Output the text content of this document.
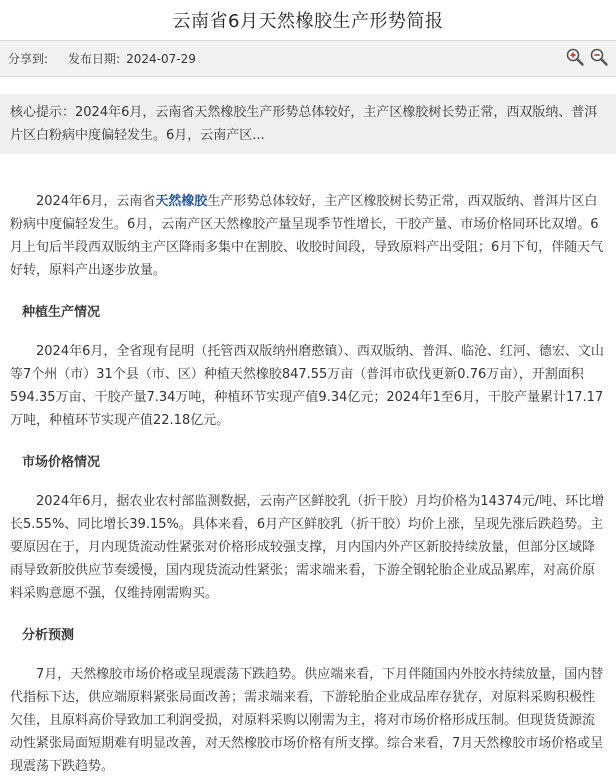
云南省6月天然橡胶生产形势简报
分享到: 发布日期: 2024-07-29
核心提示：2024年6月，云南省天然橡胶生产形势总体较好，主产区橡胶树长势正常，西双版纳、普洱片区白粉病中度偏轻发生。6月，云南产区...

2024年6月，云南省天然橡胶生产形势总体较好，主产区橡胶树长势正常，西双版纳、普洱片区白粉病中度偏轻发生。6月，云南产区天然橡胶产量呈现季节性增长，干胶产量、市场价格同环比双增。6月上旬后半段西双版纳主产区降雨多集中在割胶、收胶时间段，导致原料产出受阻；6月下旬，伴随天气好转，原料产出逐步放量。

种植生产情况

2024年6月，全省现有昆明（托管西双版纳州磨憨镇）、西双版纳、普洱、临沧、红河、德宏、文山等7个州（市）31个县（市、区）种植天然橡胶847.55万亩（普洱市砍伐更新0.76万亩），开割面积594.35万亩、干胶产量7.34万吨，种植环节实现产值9.34亿元；2024年1至6月，干胶产量累计17.17万吨，种植环节实现产值22.18亿元。

市场价格情况

2024年6月，据农业农村部监测数据，云南产区鲜胶乳（折干胶）月均价格为14374元/吨、环比增长5.55%、同比增长39.15%。具体来看，6月产区鲜胶乳（折干胶）均价上涨，呈现先涨后跌趋势。主要原因在于，月内现货流动性紧张对价格形成较强支撑，月内国内外产区新胶持续放量，但部分区域降雨导致新胶供应节奏缓慢，国内现货流动性紧张；需求端来看，下游全钢轮胎企业成品累库，对高价原料采购意愿不强，仅维持刚需购买。

分析预测

7月，天然橡胶市场价格或呈现震荡下跌趋势。供应端来看，下月伴随国内外胶水持续放量，国内替代指标下达，供应端原料紧张局面改善；需求端来看，下游轮胎企业成品库存犹存，对原料采购积极性欠佳，且原料高价导致加工利润受损，对原料采购以刚需为主，将对市场价格形成压制。但现货货源流动性紧张局面短期难有明显改善，对天然橡胶市场价格有所支撑。综合来看，7月天然橡胶市场价格或呈现震荡下跌趋势。
